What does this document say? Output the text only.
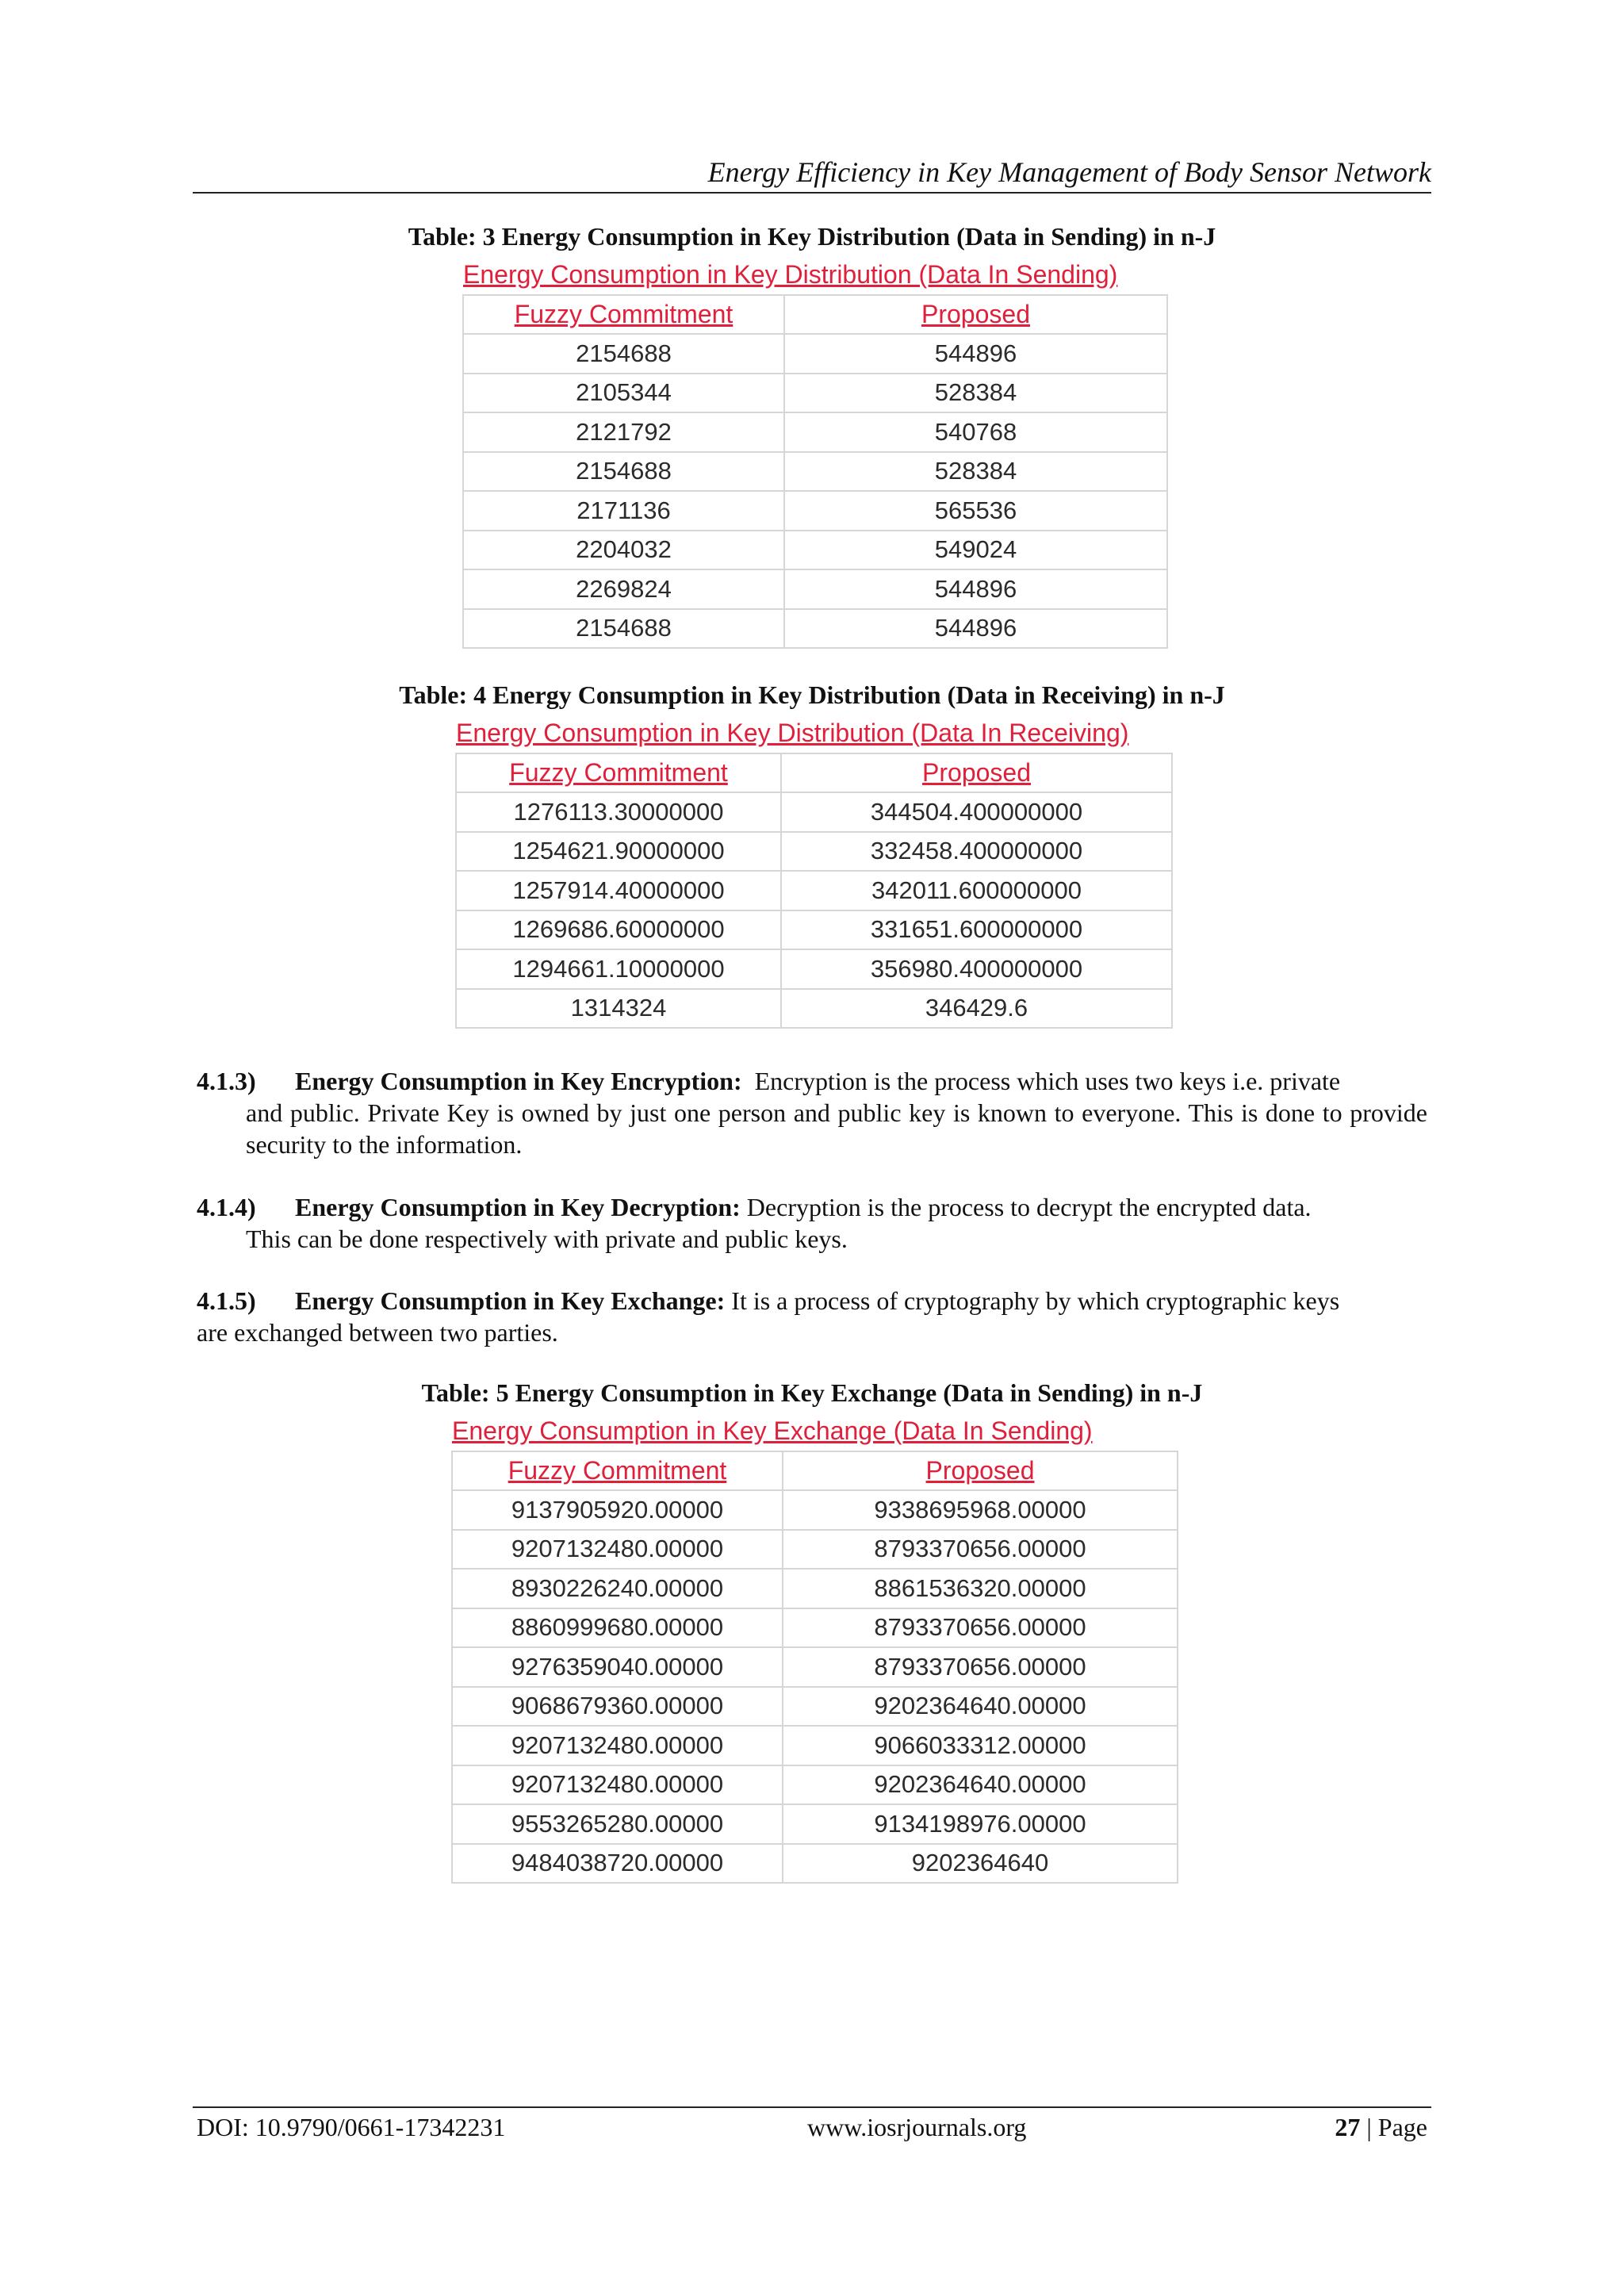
Energy Efficiency in Key Management of Body Sensor Network
Table: 3 Energy Consumption in Key Distribution (Data in Sending) in n-J
Energy Consumption in Key Distribution (Data In Sending)	
Fuzzy Commitment	Proposed
2154688	544896
2105344	528384
2121792	540768
2154688	528384
2171136	565536
2204032	549024
2269824	544896
2154688	544896
Table: 4 Energy Consumption in Key Distribution (Data in Receiving) in n-J
Energy Consumption in Key Distribution (Data In Receiving)	
Fuzzy Commitment	Proposed
1276113.30000000	344504.400000000
1254621.90000000	332458.400000000
1257914.40000000	342011.600000000
1269686.60000000	331651.600000000
1294661.10000000	356980.400000000
1314324	346429.6
4.1.3) Energy Consumption in Key Encryption: Encryption is the process which uses two keys i.e. private
and public. Private Key is owned by just one person and public key is known to everyone. This is done to provide security to the information.
4.1.4) Energy Consumption in Key Decryption: Decryption is the process to decrypt the encrypted data.
This can be done respectively with private and public keys.
4.1.5) Energy Consumption in Key Exchange: It is a process of cryptography by which cryptographic keys
are exchanged between two parties.
Table: 5 Energy Consumption in Key Exchange (Data in Sending) in n-J
Energy Consumption in Key Exchange (Data In Sending)	
Fuzzy Commitment	Proposed
9137905920.00000	9338695968.00000
9207132480.00000	8793370656.00000
8930226240.00000	8861536320.00000
8860999680.00000	8793370656.00000
9276359040.00000	8793370656.00000
9068679360.00000	9202364640.00000
9207132480.00000	9066033312.00000
9207132480.00000	9202364640.00000
9553265280.00000	9134198976.00000
9484038720.00000	9202364640
DOI: 10.9790/0661-17342231	www.iosrjournals.org	27 | Page
